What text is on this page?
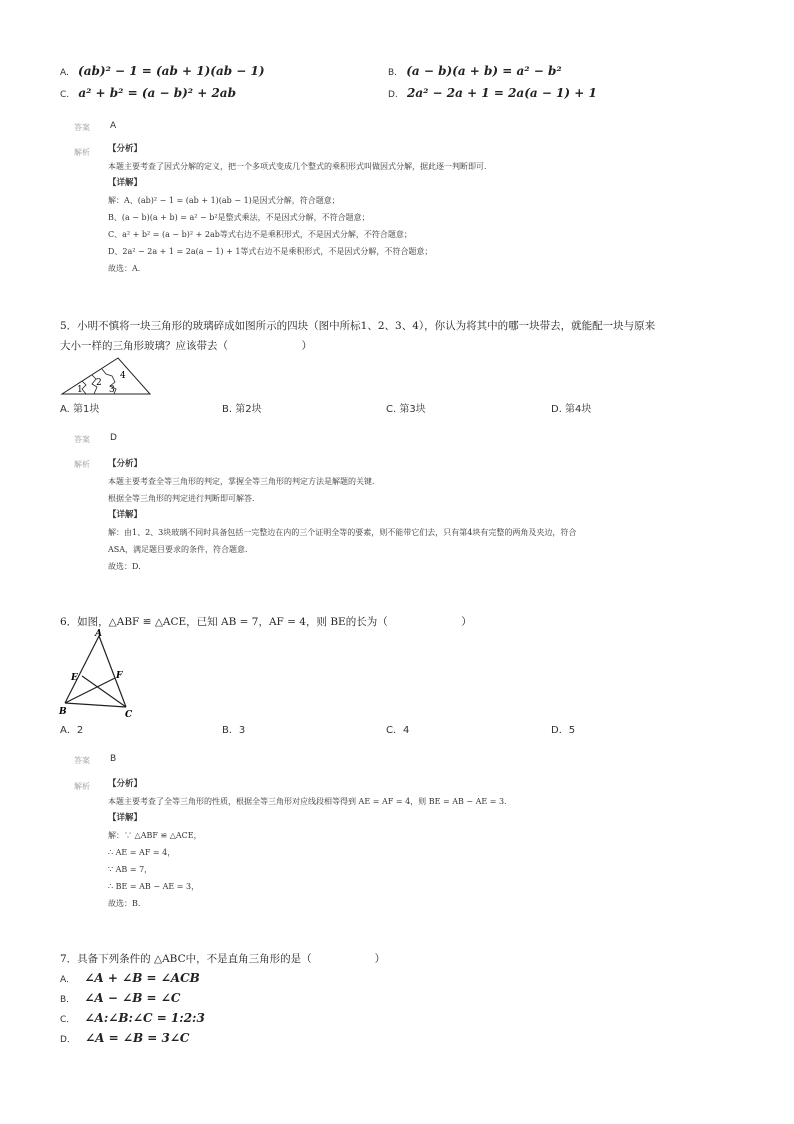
A. (ab)² − 1 = (ab + 1)(ab − 1)	B. (a − b)(a + b) = a² − b²
C. a² + b² = (a − b)² + 2ab	D. 2a² − 2a + 1 = 2a(a − 1) + 1
答案 A
解析 【分析】
本题主要考查了因式分解的定义，把一个多项式变成几个整式的乘积形式叫做因式分解，据此逐一判断即可．
【详解】
解：A、(ab)² − 1 = (ab + 1)(ab − 1)是因式分解，符合题意；
B、(a − b)(a + b) = a² − b²是整式乘法，不是因式分解，不符合题意；
C、a² + b² = (a − b)² + 2ab等式右边不是乘积形式，不是因式分解，不符合题意；
D、2a² − 2a + 1 = 2a(a − 1) + 1等式右边不是乘积形式，不是因式分解，不符合题意；
故选：A．
5．小明不慎将一块三角形的玻璃碎成如图所示的四块（图中所标1、2、3、4），你认为将其中的哪一块带去，就能配一块与原来
大小一样的三角形玻璃？应该带去（　　　　　　　）
1
2
3
4
A. 第1块	B. 第2块	C. 第3块	D. 第4块
答案 D
解析 【分析】
本题主要考查全等三角形的判定，掌握全等三角形的判定方法是解题的关键．
根据全等三角形的判定进行判断即可解答．
【详解】
解：由1、2、3块玻璃不同时具备包括一完整边在内的三个证明全等的要素，则不能带它们去，只有第4块有完整的两角及夹边，符合
ASA，满足题目要求的条件，符合题意．
故选：D．
6．如图，△ABF ≌ △ACE，已知 AB = 7，AF = 4，则 BE的长为（　　　　　　　）
A
E	F
B	C
A．2	B．3	C．4	D．5
答案 B
解析 【分析】
本题主要考查了全等三角形的性质，根据全等三角形对应线段相等得到 AE = AF = 4，则 BE = AB − AE = 3．
【详解】
解：∵ △ABF ≌ △ACE，
∴ AE = AF = 4，
∵ AB = 7，
∴ BE = AB − AE = 3，
故选：B．
7．具备下列条件的 △ABC中，不是直角三角形的是（　　　　　　）
A． ∠A + ∠B = ∠ACB
B． ∠A − ∠B = ∠C
C． ∠A:∠B:∠C = 1:2:3
D． ∠A = ∠B = 3∠C
